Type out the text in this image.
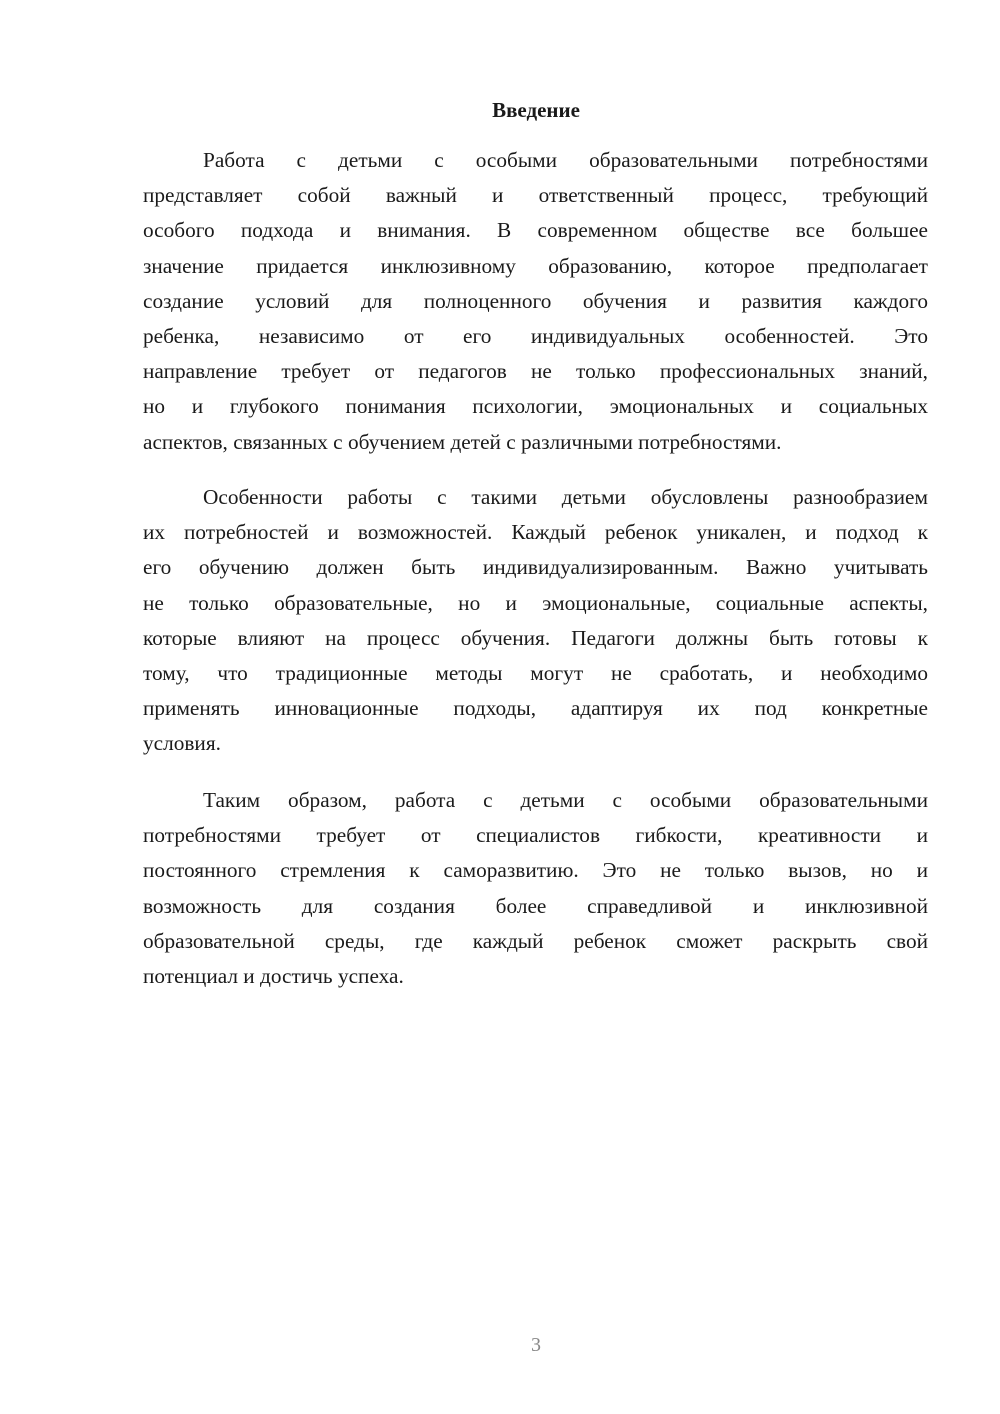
Введение
Работа с детьми с особыми образовательными потребностями
представляет собой важный и ответственный процесс, требующий
особого подхода и внимания. В современном обществе все большее
значение придается инклюзивному образованию, которое предполагает
создание условий для полноценного обучения и развития каждого
ребенка, независимо от его индивидуальных особенностей. Это
направление требует от педагогов не только профессиональных знаний,
но и глубокого понимания психологии, эмоциональных и социальных
аспектов, связанных с обучением детей с различными потребностями.
Особенности работы с такими детьми обусловлены разнообразием
их потребностей и возможностей. Каждый ребенок уникален, и подход к
его обучению должен быть индивидуализированным. Важно учитывать
не только образовательные, но и эмоциональные, социальные аспекты,
которые влияют на процесс обучения. Педагоги должны быть готовы к
тому, что традиционные методы могут не сработать, и необходимо
применять инновационные подходы, адаптируя их под конкретные
условия.
Таким образом, работа с детьми с особыми образовательными
потребностями требует от специалистов гибкости, креативности и
постоянного стремления к саморазвитию. Это не только вызов, но и
возможность для создания более справедливой и инклюзивной
образовательной среды, где каждый ребенок сможет раскрыть свой
потенциал и достичь успеха.
3
